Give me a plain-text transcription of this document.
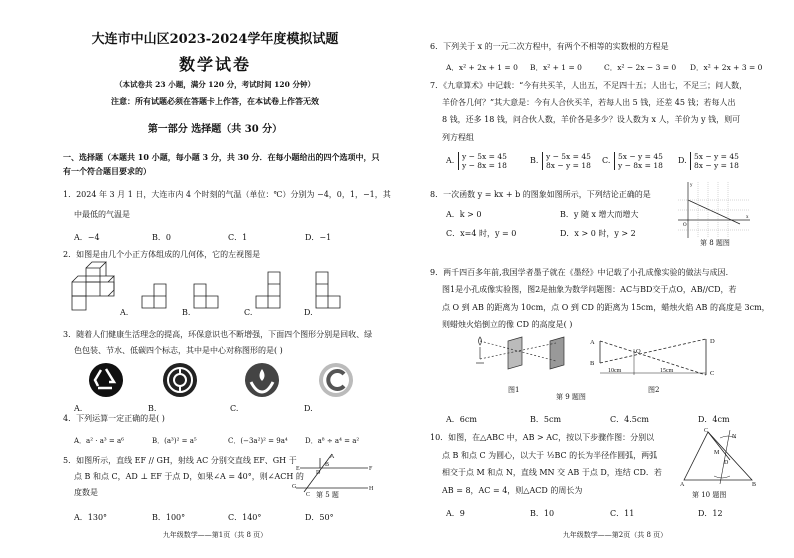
大连市中山区2023-2024学年度模拟试题
数学试卷
（本试卷共 23 小题，满分 120 分，考试时间 120 分钟）
注意：所有试题必须在答题卡上作答，在本试卷上作答无效
第一部分 选择题（共 30 分）
一、选择题（本题共 10 小题，每小题 3 分，共 30 分．在每小题给出的四个选项中，只
有一个符合题目要求的）
1．2024 年 3 月 1 日，大连市内 4 个时刻的气温（单位：℃）分别为 −4，0，1，−1，其
中最低的气温是
A．−4	B．0	C．1	D．−1
2．如图是由几个小正方体组成的几何体，它的左视图是
A.	B.	C.	D.
3．随着人们健康生活理念的提高，环保意识也不断增强，下面四个图形分别是回收、绿
色包装、节水、低碳四个标志，其中是中心对称图形的是( )
A.	B.	C.	D.
4．下列运算一定正确的是( )
A．a² · a³ = a⁶	B．(a³)² = a⁵	C．(−3a²)² = 9a⁴ D．a⁸ ÷ a⁴ = a²
5．如图所示，直线 EF // GH，射线 AC 分别交直线 EF、GH 于
点 B 和点 C，AD ⊥ EF 于点 D，如果∠A = 40°，则∠ACH 的
度数是
A
D
B
F
G
C
H
E
第 5 题
A．130°	B．100°	C．140°	D．50°
九年级数学——第1页（共 8 页）
6．下列关于 x 的一元二次方程中，有两个不相等的实数根的方程是
A．x² + 2x + 1 = 0 B．x² + 1 = 0	C．x² − 2x − 3 = 0 D．x² + 2x + 3 = 0
7．《九章算术》中记载：“今有共买羊，人出五，不足四十五；人出七，不足三；问人数，
羊价各几何？”其大意是：今有人合伙买羊，若每人出 5 钱，还差 45 钱；若每人出
8 钱，还多 18 钱，问合伙人数，羊价各是多少？设人数为 x 人，羊价为 y 钱，则可
列方程组
A. y − 5x = 45
y − 8x = 18
B. y − 5x = 45
8x − y = 18
C. 5x − y = 45
y − 8x = 18
D. 5x − y = 45
8x − y = 18
8．一次函数 y = kx + b 的图象如图所示，下列结论正确的是
A．k > 0	B．y 随 x 增大而增大
C．x=4 时，y = 0	D．x > 0 时，y > 2
x
y
O
第 8 题图
9．两千四百多年前,我国学者墨子就在《墨经》中记载了小孔成像实验的做法与成因．
图1是小孔成像实验图，图2是抽象为数学问题图：AC与BD交于点O，AB//CD，若
点 O 到 AB 的距离为 10cm，点 O 到 CD 的距离为 15cm，蜡烛火焰 AB 的高度是 3cm，
则蜡烛火焰倒立的像 CD 的高度是( )
图1
A
B
D
C
O
10cm	15cm
图2
第 9 题图
A．6cm	B．5cm	C．4.5cm	D．4cm
10．如图，在△ABC 中，AB > AC，按以下步骤作图：分别以
点 B 和点 C 为圆心，以大于 ½BC 的长为半径作圆弧，两弧
相交于点 M 和点 N，直线 MN 交 AB 于点 D，连结 CD．若
AB = 8，AC = 4，则△ACD 的周长为
C
A	B
D
N
M
第 10 题图
A．9	B．10	C．11	D．12
九年级数学——第2页（共 8 页）
